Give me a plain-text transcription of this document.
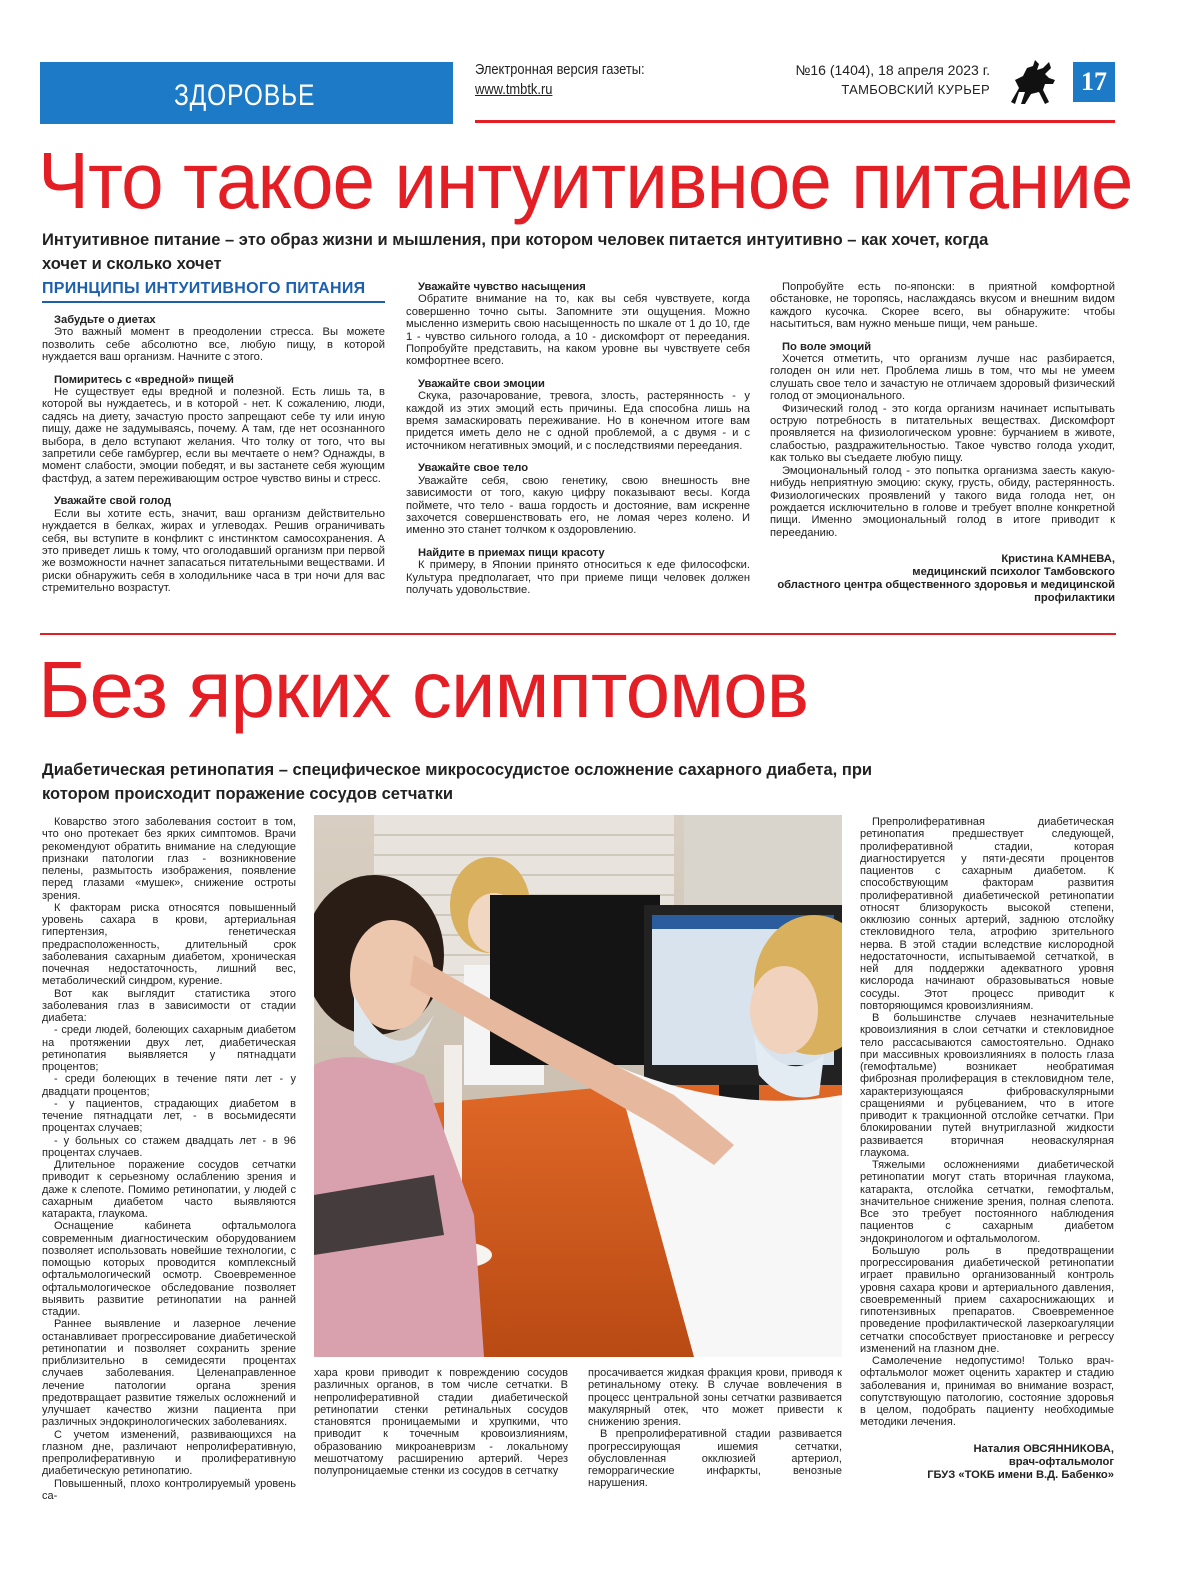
ЗДОРОВЬЕ
Электронная версия газеты:
www.tmbtk.ru
№16 (1404), 18 апреля 2023 г.
ТАМБОВСКИЙ КУРЬЕР	17
Что такое интуитивное питание
Интуитивное питание – это образ жизни и мышления, при котором человек питается интуитивно – как хочет, когда хочет и сколько хочет
ПРИНЦИПЫ ИНТУИТИВНОГО ПИТАНИЯ
Забудьте о диетах

Это важный момент в преодолении стресса. Вы можете позволить себе абсолютно все, любую пищу, в которой нуждается ваш организм. Начните с этого.

Помиритесь с «вредной» пищей

Не существует еды вредной и полезной. Есть лишь та, в которой вы нуждаетесь, и в которой - нет. К сожалению, люди, садясь на диету, зачастую просто запрещают себе ту или иную пищу, даже не задумываясь, почему. А там, где нет осознанного выбора, в дело вступают желания. Что толку от того, что вы запретили себе гамбургер, если вы мечтаете о нем? Однажды, в момент слабости, эмоции победят, и вы застанете себя жующим фастфуд, а затем переживающим острое чувство вины и стресс.

Уважайте свой голод

Если вы хотите есть, значит, ваш организм действительно нуждается в белках, жирах и углеводах. Решив ограничивать себя, вы вступите в конфликт с инстинктом самосохранения. А это приведет лишь к тому, что оголодавший организм при первой же возможности начнет запасаться питательными веществами. И риски обнаружить себя в холодильнике часа в три ночи для вас стремительно возрастут.

Уважайте чувство насыщения

Обратите внимание на то, как вы себя чувствуете, когда совершенно точно сыты. Запомните эти ощущения. Можно мысленно измерить свою насыщенность по шкале от 1 до 10, где 1 - чувство сильного голода, а 10 - дискомфорт от переедания. Попробуйте представить, на каком уровне вы чувствуете себя комфортнее всего.

Уважайте свои эмоции

Скука, разочарование, тревога, злость, растерянность - у каждой из этих эмоций есть причины. Еда способна лишь на время замаскировать переживание. Но в конечном итоге вам придется иметь дело не с одной проблемой, а с двумя - и с источником негативных эмоций, и с последствиями переедания.

Уважайте свое тело

Уважайте себя, свою генетику, свою внешность вне зависимости от того, какую цифру показывают весы. Когда поймете, что тело - ваша гордость и достояние, вам искренне захочется совершенствовать его, не ломая через колено. И именно это станет толчком к оздоровлению.

Найдите в приемах пищи красоту

К примеру, в Японии принято относиться к еде философски. Культура предполагает, что при приеме пищи человек должен получать удовольствие.

Попробуйте есть по-японски: в приятной комфортной обстановке, не торопясь, наслаждаясь вкусом и внешним видом каждого кусочка. Скорее всего, вы обнаружите: чтобы насытиться, вам нужно меньше пищи, чем раньше.

По воле эмоций

Хочется отметить, что организм лучше нас разбирается, голоден он или нет. Проблема лишь в том, что мы не умеем слушать свое тело и зачастую не отличаем здоровый физический голод от эмоционального.

Физический голод - это когда организм начинает испытывать острую потребность в питательных веществах. Дискомфорт проявляется на физиологическом уровне: бурчанием в животе, слабостью, раздражительностью. Такое чувство голода уходит, как только вы съедаете любую пищу.

Эмоциональный голод - это попытка организма заесть какую-нибудь неприятную эмоцию: скуку, грусть, обиду, растерянность. Физиологических проявлений у такого вида голода нет, он рождается исключительно в голове и требует вполне конкретной пищи. Именно эмоциональный голод в итоге приводит к перееданию.

Кристина КАМНЕВА,
медицинский психолог Тамбовского
областного центра общественного здоровья и медицинской
профилактики
Без ярких симптомов
Диабетическая ретинопатия – специфическое микрососудистое осложнение сахарного диабета, при котором происходит поражение сосудов сетчатки

Коварство этого заболевания состоит в том, что оно протекает без ярких симптомов. Врачи рекомендуют обратить внимание на следующие признаки патологии глаз - возникновение пелены, размытость изображения, появление перед глазами «мушек», снижение остроты зрения.

К факторам риска относятся повышенный уровень сахара в крови, артериальная гипертензия, генетическая предрасположенность, длительный срок заболевания сахарным диабетом, хроническая почечная недостаточность, лишний вес, метаболический синдром, курение.

Вот как выглядит статистика этого заболевания глаз в зависимости от стадии диабета:

- среди людей, болеющих сахарным диабетом на протяжении двух лет, диабетическая ретинопатия выявляется у пятнадцати процентов;

- среди болеющих в течение пяти лет - у двадцати процентов;

- у пациентов, страдающих диабетом в течение пятнадцати лет, - в восьмидесяти процентах случаев;

- у больных со стажем двадцать лет - в 96 процентах случаев.

Длительное поражение сосудов сетчатки приводит к серьезному ослаблению зрения и даже к слепоте. Помимо ретинопатии, у людей с сахарным диабетом часто выявляются катаракта, глаукома.

Оснащение кабинета офтальмолога современным диагностическим оборудованием позволяет использовать новейшие технологии, с помощью которых проводится комплексный офтальмологический осмотр. Своевременное офтальмологическое обследование позволяет выявить развитие ретинопатии на ранней стадии.

Раннее выявление и лазерное лечение останавливает прогрессирование диабетической ретинопатии и позволяет сохранить зрение приблизительно в семидесяти процентах случаев заболевания. Целенаправленное лечение патологии органа зрения предотвращает развитие тяжелых осложнений и улучшает качество жизни пациента при различных эндокринологических заболеваниях.

С учетом изменений, развивающихся на глазном дне, различают непролиферативную, препролиферативную и пролиферативную диабетическую ретинопатию.

Повышенный, плохо контролируемый уровень са-

хара крови приводит к повреждению сосудов различных органов, в том числе сетчатки. В непролиферативной стадии диабетической ретинопатии стенки ретинальных сосудов становятся проницаемыми и хрупкими, что приводит к точечным кровоизлияниям, образованию микроаневризм - локальному мешотчатому расширению артерий. Через полупроницаемые стенки из сосудов в сетчатку

просачивается жидкая фракция крови, приводя к ретинальному отеку. В случае вовлечения в процесс центральной зоны сетчатки развивается макулярный отек, что может привести к снижению зрения.

В препролиферативной стадии развивается прогрессирующая ишемия сетчатки, обусловленная окклюзией артериол, геморрагические инфаркты, венозные нарушения.

Препролиферативная диабетическая ретинопатия предшествует следующей, пролиферативной стадии, которая диагностируется у пяти-десяти процентов пациентов с сахарным диабетом. К способствующим факторам развития пролиферативной диабетической ретинопатии относят близорукость высокой степени, окклюзию сонных артерий, заднюю отслойку стекловидного тела, атрофию зрительного нерва. В этой стадии вследствие кислородной недостаточности, испытываемой сетчаткой, в ней для поддержки адекватного уровня кислорода начинают образовываться новые сосуды. Этот процесс приводит к повторяющимся кровоизлияниям.

В большинстве случаев незначительные кровоизлияния в слои сетчатки и стекловидное тело рассасываются самостоятельно. Однако при массивных кровоизлияниях в полость глаза (гемофтальме) возникает необратимая фиброзная пролиферация в стекловидном теле, характеризующаяся фиброваскулярными сращениями и рубцеванием, что в итоге приводит к тракционной отслойке сетчатки. При блокировании путей внутриглазной жидкости развивается вторичная неоваскулярная глаукома.

Тяжелыми осложнениями диабетической ретинопатии могут стать вторичная глаукома, катаракта, отслойка сетчатки, гемофтальм, значительное снижение зрения, полная слепота. Все это требует постоянного наблюдения пациентов с сахарным диабетом эндокринологом и офтальмологом.

Большую роль в предотвращении прогрессирования диабетической ретинопатии играет правильно организованный контроль уровня сахара крови и артериального давления, своевременный прием сахароснижающих и гипотензивных препаратов. Своевременное проведение профилактической лазеркоагуляции сетчатки способствует приостановке и регрессу изменений на глазном дне.

Самолечение недопустимо! Только врач-офтальмолог может оценить характер и стадию заболевания и, принимая во внимание возраст, сопутствующую патологию, состояние здоровья в целом, подобрать пациенту необходимые методики лечения.

Наталия ОВСЯННИКОВА,
врач-офтальмолог
ГБУЗ «ТОКБ имени В.Д. Бабенко»
